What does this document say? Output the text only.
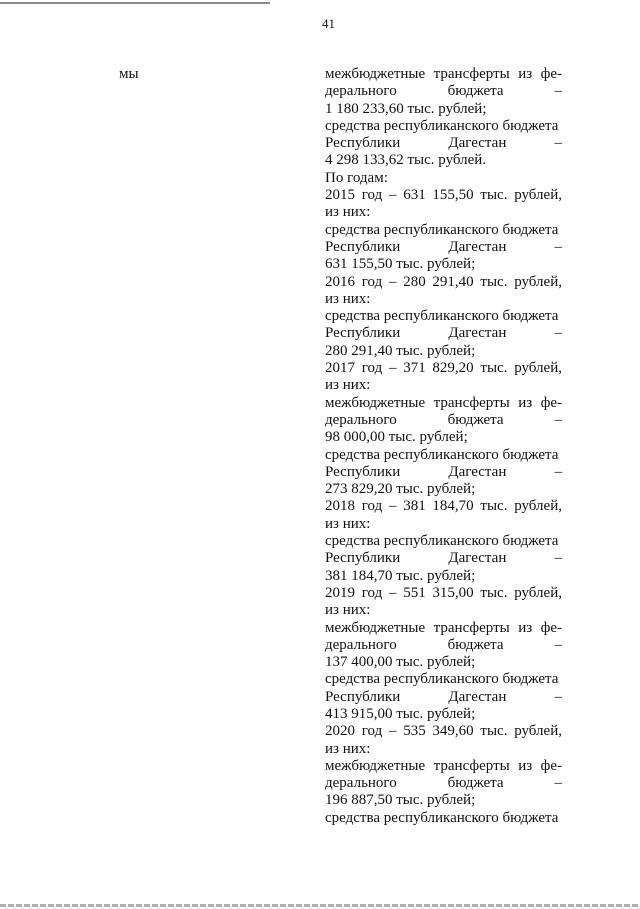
41
мы	межбюджетные трансферты из фе-
дерального	бюджета	–
1 180 233,60 тыс. рублей;
средства республиканского бюджета
Республики	Дагестан	–
4 298 133,62 тыс. рублей.
По годам:
2015 год – 631 155,50 тыс. рублей,
из них:
средства республиканского бюджета
Республики	Дагестан	–
631 155,50 тыс. рублей;
2016 год – 280 291,40 тыс. рублей,
из них:
средства республиканского бюджета
Республики	Дагестан	–
280 291,40 тыс. рублей;
2017 год – 371 829,20 тыс. рублей,
из них:
межбюджетные трансферты из фе-
дерального	бюджета	–
98 000,00 тыс. рублей;
средства республиканского бюджета
Республики	Дагестан	–
273 829,20 тыс. рублей;
2018 год – 381 184,70 тыс. рублей,
из них:
средства республиканского бюджета
Республики	Дагестан	–
381 184,70 тыс. рублей;
2019 год – 551 315,00 тыс. рублей,
из них:
межбюджетные трансферты из фе-
дерального	бюджета	–
137 400,00 тыс. рублей;
средства республиканского бюджета
Республики	Дагестан	–
413 915,00 тыс. рублей;
2020 год – 535 349,60 тыс. рублей,
из них:
межбюджетные трансферты из фе-
дерального	бюджета	–
196 887,50 тыс. рублей;
средства республиканского бюджета
